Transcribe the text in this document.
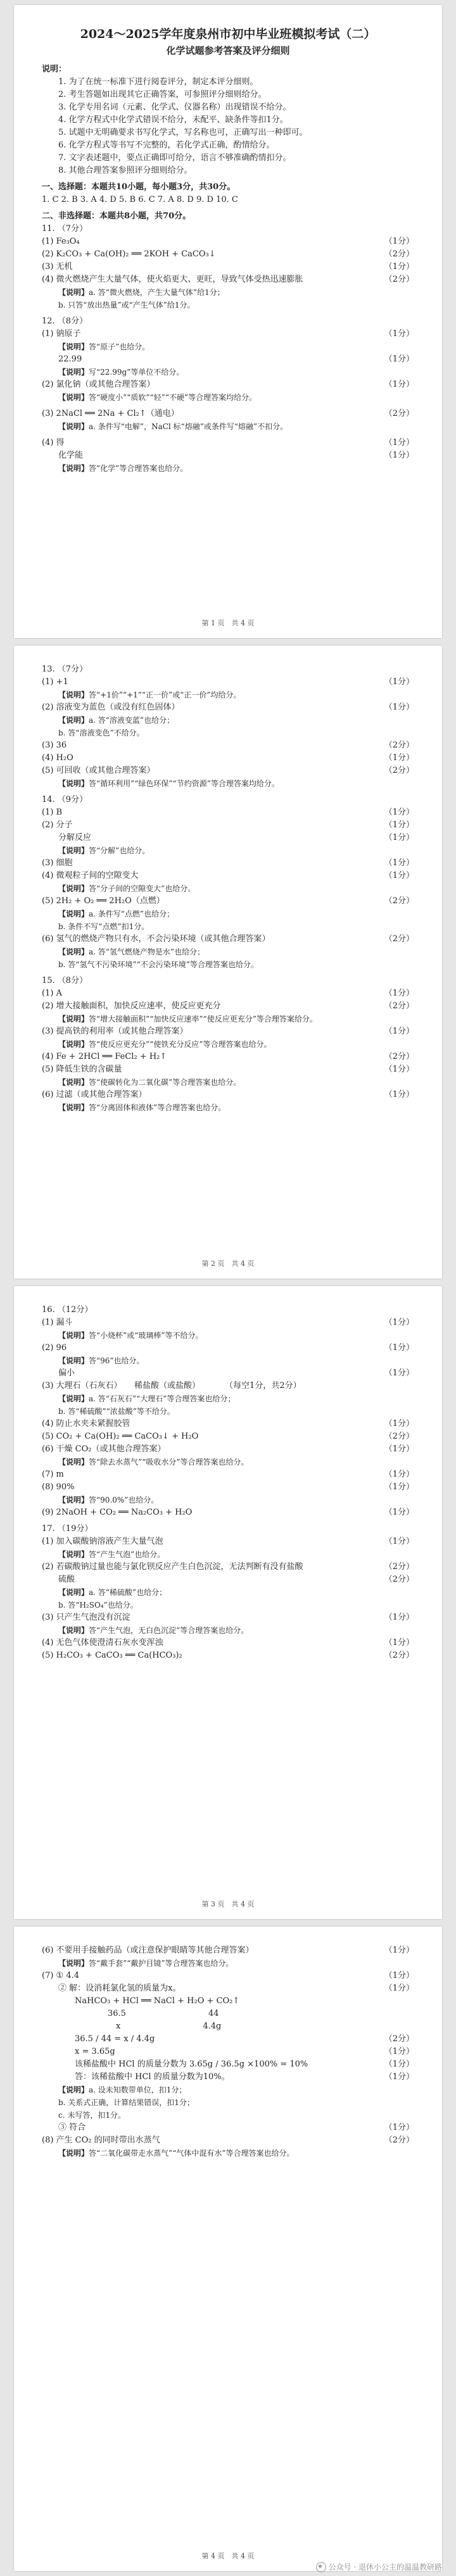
2024～2025学年度泉州市初中毕业班模拟考试（二）
化学试题参考答案及评分细则
说明：
1. 为了在统一标准下进行阅卷评分，制定本评分细则。
2. 考生答题如出现其它正确答案，可参照评分细则给分。
3. 化学专用名词（元素、化学式、仪器名称）出现错误不给分。
4. 化学方程式中化学式错误不给分，未配平、缺条件等扣1分。
5. 试题中无明确要求书写化学式，写名称也可，正确写出一种即可。
6. 化学方程式等书写不完整的，若化学式正确，酌情给分。
7. 文字表述题中，要点正确即可给分，语言不够准确酌情扣分。
8. 其他合理答案参照评分细则给分。
一、选择题：本题共10小题，每小题3分，共30分。
1. C 2. B 3. A 4. D 5. B 6. C 7. A 8. D 9. D 10. C
二、非选择题：本题共8小题，共70分。
11. （7分）
(1) Fe₃O₄	（1分）
(2) K₂CO₃ + Ca(OH)₂ ══ 2KOH + CaCO₃↓	（2分）
(3) 无机	（1分）
(4) 微火燃烧产生大量气体，使火焰更大、更旺，导致气体受热迅速膨胀	（2分）
【说明】a. 答“微火燃烧，产生大量气体”给1分；
b. 只答“放出热量”或“产生气体”给1分。
12. （8分）
(1) 钠原子	（1分）
【说明】答“原子”也给分。
　　22.99	（1分）
【说明】写“22.99g”等单位不给分。
(2) 氯化钠（或其他合理答案）	（1分）
【说明】答“硬度小”“质软”“轻”“不硬”等合理答案均给分。
(3) 2NaCl ══ 2Na + Cl₂↑（通电）	（2分）
【说明】a. 条件写“电解”，NaCl 标“熔融”或条件写“熔融”不扣分。
(4) 得	（1分）
　　化学能	（1分）
【说明】答“化学”等合理答案也给分。
第 1 页　共 4 页
13. （7分）
(1) +1	（1分）
【说明】答“+1价”“+1”“正一价”或“正一价”均给分。
(2) 溶液变为蓝色（或没有红色固体）	（1分）
【说明】a. 答“溶液变蓝”也给分；
b. 答“溶液变色”不给分。
(3) 36	（2分）
(4) H₂O	（1分）
(5) 可回收（或其他合理答案）	（2分）
【说明】答“循环利用”“绿色环保”“节约资源”等合理答案均给分。
14. （9分）
(1) B	（1分）
(2) 分子	（1分）
　　分解反应	（1分）
【说明】答“分解”也给分。
(3) 细胞	（1分）
(4) 微观粒子间的空隙变大	（1分）
【说明】答“分子间的空隙变大”也给分。
(5) 2H₂ + O₂ ══ 2H₂O（点燃）	（2分）
【说明】a. 条件写“点燃”也给分；
b. 条件不写“点燃”扣1分。
(6) 氢气的燃烧产物只有水，不会污染环境（或其他合理答案）	（2分）
【说明】a. 答“氢气燃烧产物是水”也给分；
b. 答“氢气不污染环境”“不会污染环境”等合理答案也给分。
15. （8分）
(1) A	（1分）
(2) 增大接触面积，加快反应速率，使反应更充分	（2分）
【说明】答“增大接触面积”“加快反应速率”“使反应更充分”等合理答案给分。
(3) 提高铁的利用率（或其他合理答案）	（1分）
【说明】答“使反应更充分”“使铁充分反应”等合理答案也给分。
(4) Fe + 2HCl ══ FeCl₂ + H₂↑	（2分）
(5) 降低生铁的含碳量	（1分）
【说明】答“使碳转化为二氧化碳”等合理答案也给分。
(6) 过滤（或其他合理答案）	（1分）
【说明】答“分离固体和液体”等合理答案也给分。
第 2 页　共 4 页
16. （12分）
(1) 漏斗	（1分）
【说明】答“小烧杯”或“玻璃棒”等不给分。
(2) 96	（1分）
【说明】答“96”也给分。
　　偏小	（1分）
(3) 大理石（石灰石）　　稀盐酸（或盐酸）　　　　（每空1分，共2分）
【说明】a. 答“石灰石”“大理石”等合理答案也给分；
b. 答“稀硫酸”“浓盐酸”等不给分。
(4) 防止水夹未紧握胶管	（1分）
(5) CO₂ + Ca(OH)₂ ══ CaCO₃↓ + H₂O	（2分）
(6) 干燥 CO₂（或其他合理答案）	（1分）
【说明】答“除去水蒸气”“吸收水分”等合理答案也给分。
(7) m	（1分）
(8) 90%	（1分）
【说明】答“90.0%”也给分。
(9) 2NaOH + CO₂ ══ Na₂CO₃ + H₂O	（1分）
17. （19分）
(1) 加入碳酸钠溶液产生大量气泡	（1分）
【说明】答“产生气泡”也给分。
(2) 若碳酸钠过量也能与氯化钡反应产生白色沉淀，无法判断有没有盐酸	（2分）
　　硫酸	（2分）
【说明】a. 答“稀硫酸”也给分；
b. 答“H₂SO₄”也给分。
(3) 只产生气泡没有沉淀	（1分）
【说明】答“产生气泡，无白色沉淀”等合理答案也给分。
(4) 无色气体使澄清石灰水变浑浊	（1分）
(5) H₂CO₃ + CaCO₃ ══ Ca(HCO₃)₂	（2分）
第 3 页　共 4 页
(6) 不要用手接触药品（或注意保护眼睛等其他合理答案）	（1分）
【说明】答“戴手套”“戴护目镜”等合理答案也给分。
(7) ① 4.4	（1分）
　　② 解：设消耗氯化氢的质量为x。	（1分）
　　　　NaHCO₃ + HCl ══ NaCl + H₂O + CO₂↑
　　　　　　　　36.5　　　　　　　　　　44
　　　　　　　　　x　　　　　　　　　　4.4g
　　　　36.5 / 44 = x / 4.4g	（2分）
　　　　x = 3.65g	（1分）
　　　　该稀盐酸中 HCl 的质量分数为 3.65g / 36.5g ×100% = 10%	（1分）
　　　　答：该稀盐酸中 HCl 的质量分数为10%。	（1分）
【说明】a. 设未知数带单位，扣1分；
b. 关系式正确，计算结果错误，扣1分；
c. 未写答，扣1分。
　　③ 符合	（1分）
(8) 产生 CO₂ 的同时带出水蒸气	（2分）
【说明】答“二氧化碳带走水蒸气”“气体中混有水”等合理答案也给分。
第 4 页　共 4 页
公众号 · 退休小公主的温温教研路
